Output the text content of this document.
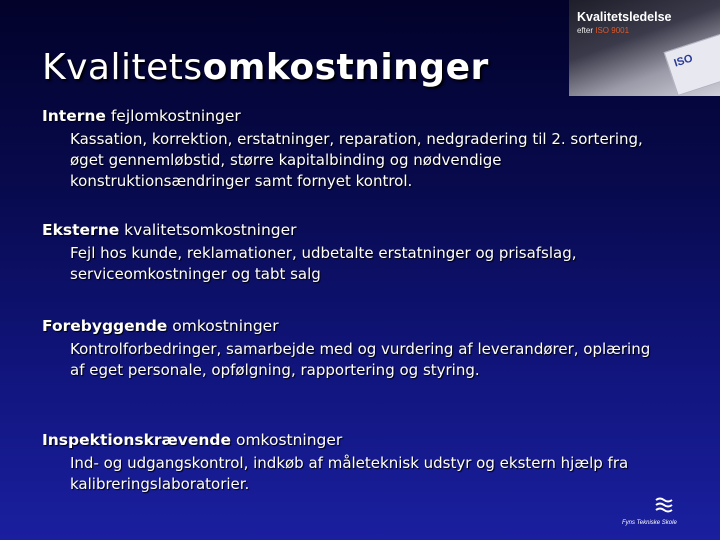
Kvalitetsomkostninger	ISO
Kvalitetsledelse
efter ISO 9001
Interne fejlomkostninger
Kassation, korrektion, erstatninger, reparation, nedgradering til 2. sortering, øget gennemløbstid, større kapitalbinding og nødvendige konstruktionsændringer samt fornyet kontrol.
Eksterne kvalitetsomkostninger
Fejl hos kunde, reklamationer, udbetalte erstatninger og prisafslag, serviceomkostninger og tabt salg
Forebyggende omkostninger
Kontrolforbedringer, samarbejde med og vurdering af leverandører, oplæring af eget personale, opfølgning, rapportering og styring.
Inspektionskrævende omkostninger
Ind- og udgangskontrol, indkøb af måleteknisk udstyr og ekstern hjælp fra kalibreringslaboratorier.
Fyns Tekniske Skole
